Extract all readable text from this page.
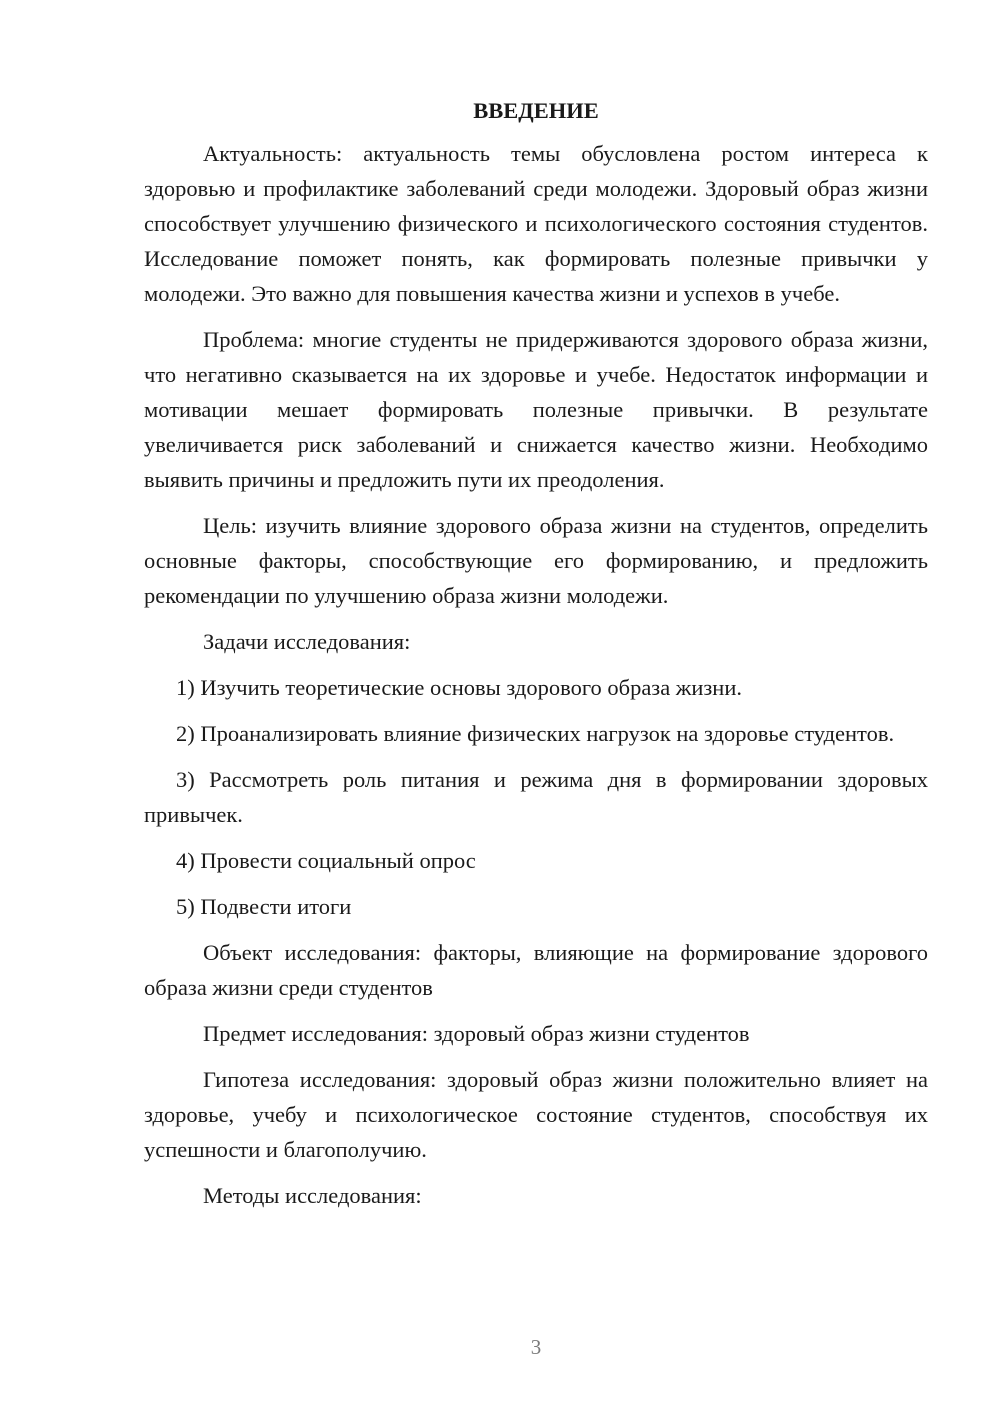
ВВЕДЕНИЕ

Актуальность: актуальность темы обусловлена ростом интереса к здоровью и профилактике заболеваний среди молодежи. Здоровый образ жизни способствует улучшению физического и психологического состояния студентов. Исследование поможет понять, как формировать полезные привычки у молодежи. Это важно для повышения качества жизни и успехов в учебе.

Проблема: многие студенты не придерживаются здорового образа жизни, что негативно сказывается на их здоровье и учебе. Недостаток информации и мотивации мешает формировать полезные привычки. В результате увеличивается риск заболеваний и снижается качество жизни. Необходимо выявить причины и предложить пути их преодоления.

Цель: изучить влияние здорового образа жизни на студентов, определить основные факторы, способствующие его формированию, и предложить рекомендации по улучшению образа жизни молодежи.

Задачи исследования:

1) Изучить теоретические основы здорового образа жизни.

2) Проанализировать влияние физических нагрузок на здоровье студентов.

3) Рассмотреть роль питания и режима дня в формировании здоровых привычек.

4) Провести социальный опрос

5) Подвести итоги

Объект исследования: факторы, влияющие на формирование здорового образа жизни среди студентов

Предмет исследования: здоровый образ жизни студентов

Гипотеза исследования: здоровый образ жизни положительно влияет на здоровье, учебу и психологическое состояние студентов, способствуя их успешности и благополучию.

Методы исследования:

3
